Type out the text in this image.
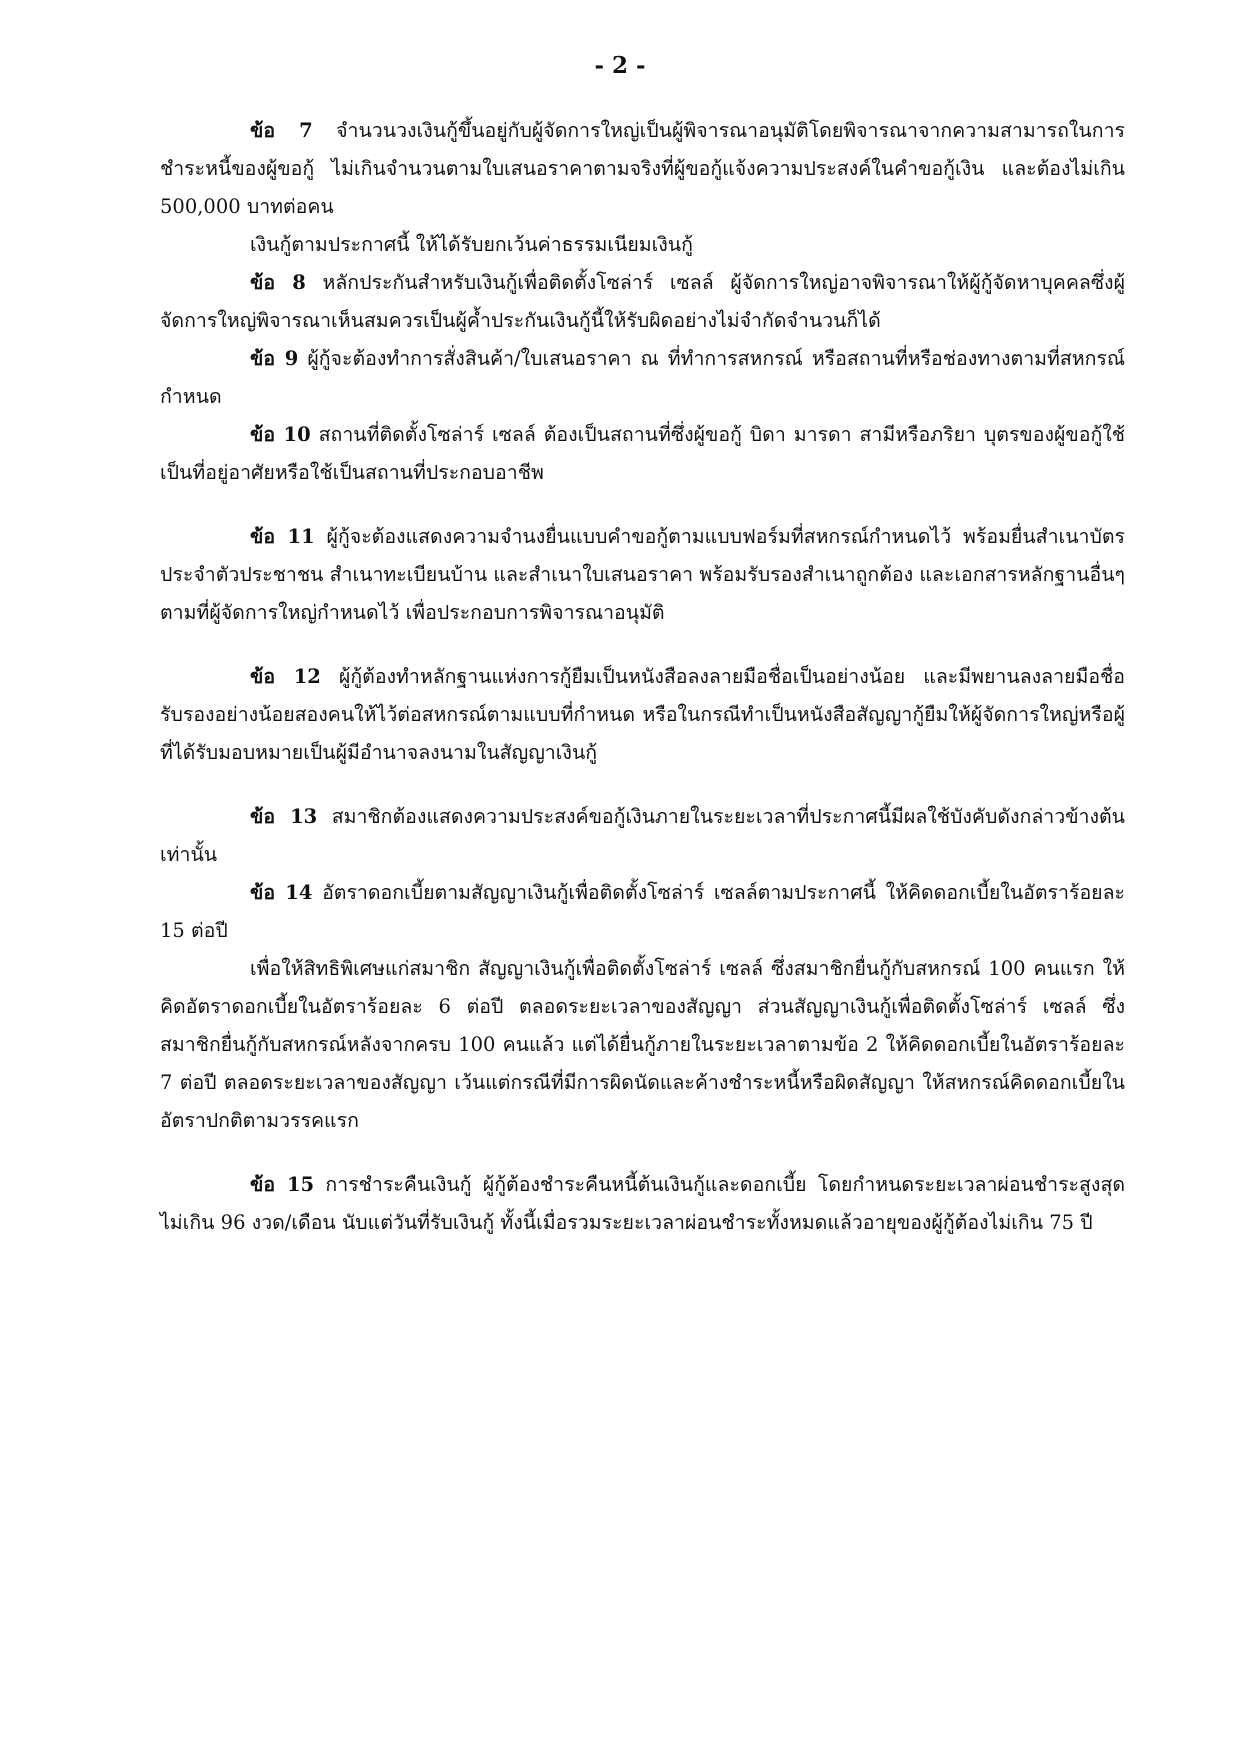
- 2 -

ข้อ 7 จำนวนวงเงินกู้ขึ้นอยู่กับผู้จัดการใหญ่เป็นผู้พิจารณาอนุมัติโดยพิจารณาจากความสามารถในการชำระหนี้ของผู้ขอกู้ ไม่เกินจำนวนตามใบเสนอราคาตามจริงที่ผู้ขอกู้แจ้งความประสงค์ในคำขอกู้เงิน และต้องไม่เกิน 500,000 บาทต่อคน

เงินกู้ตามประกาศนี้ ให้ได้รับยกเว้นค่าธรรมเนียมเงินกู้

ข้อ 8 หลักประกันสำหรับเงินกู้เพื่อติดตั้งโซล่าร์ เซลล์ ผู้จัดการใหญ่อาจพิจารณาให้ผู้กู้จัดหาบุคคลซึ่งผู้จัดการใหญ่พิจารณาเห็นสมควรเป็นผู้ค้ำประกันเงินกู้นี้ให้รับผิดอย่างไม่จำกัดจำนวนก็ได้

ข้อ 9 ผู้กู้จะต้องทำการสั่งสินค้า/ใบเสนอราคา ณ ที่ทำการสหกรณ์ หรือสถานที่หรือช่องทางตามที่สหกรณ์กำหนด

ข้อ 10 สถานที่ติดตั้งโซล่าร์ เซลล์ ต้องเป็นสถานที่ซึ่งผู้ขอกู้ บิดา มารดา สามีหรือภริยา บุตรของผู้ขอกู้ใช้เป็นที่อยู่อาศัยหรือใช้เป็นสถานที่ประกอบอาชีพ

ข้อ 11 ผู้กู้จะต้องแสดงความจำนงยื่นแบบคำขอกู้ตามแบบฟอร์มที่สหกรณ์กำหนดไว้ พร้อมยื่นสำเนาบัตรประจำตัวประชาชน สำเนาทะเบียนบ้าน และสำเนาใบเสนอราคา พร้อมรับรองสำเนาถูกต้อง และเอกสารหลักฐานอื่นๆ ตามที่ผู้จัดการใหญ่กำหนดไว้ เพื่อประกอบการพิจารณาอนุมัติ

ข้อ 12 ผู้กู้ต้องทำหลักฐานแห่งการกู้ยืมเป็นหนังสือลงลายมือชื่อเป็นอย่างน้อย และมีพยานลงลายมือชื่อรับรองอย่างน้อยสองคนให้ไว้ต่อสหกรณ์ตามแบบที่กำหนด หรือในกรณีทำเป็นหนังสือสัญญากู้ยืมให้ผู้จัดการใหญ่หรือผู้ที่ได้รับมอบหมายเป็นผู้มีอำนาจลงนามในสัญญาเงินกู้

ข้อ 13 สมาชิกต้องแสดงความประสงค์ขอกู้เงินภายในระยะเวลาที่ประกาศนี้มีผลใช้บังคับดังกล่าวข้างต้นเท่านั้น

ข้อ 14 อัตราดอกเบี้ยตามสัญญาเงินกู้เพื่อติดตั้งโซล่าร์ เซลล์ตามประกาศนี้ ให้คิดดอกเบี้ยในอัตราร้อยละ 15 ต่อปี

เพื่อให้สิทธิพิเศษแก่สมาชิก สัญญาเงินกู้เพื่อติดตั้งโซล่าร์ เซลล์ ซึ่งสมาชิกยื่นกู้กับสหกรณ์ 100 คนแรก ให้คิดอัตราดอกเบี้ยในอัตราร้อยละ 6 ต่อปี ตลอดระยะเวลาของสัญญา ส่วนสัญญาเงินกู้เพื่อติดตั้งโซล่าร์ เซลล์ ซึ่งสมาชิกยื่นกู้กับสหกรณ์หลังจากครบ 100 คนแล้ว แต่ได้ยื่นกู้ภายในระยะเวลาตามข้อ 2 ให้คิดดอกเบี้ยในอัตราร้อยละ 7 ต่อปี ตลอดระยะเวลาของสัญญา เว้นแต่กรณีที่มีการผิดนัดและค้างชำระหนี้หรือผิดสัญญา ให้สหกรณ์คิดดอกเบี้ยในอัตราปกติตามวรรคแรก

ข้อ 15 การชำระคืนเงินกู้ ผู้กู้ต้องชำระคืนหนี้ต้นเงินกู้และดอกเบี้ย โดยกำหนดระยะเวลาผ่อนชำระสูงสุดไม่เกิน 96 งวด/เดือน นับแต่วันที่รับเงินกู้ ทั้งนี้เมื่อรวมระยะเวลาผ่อนชำระทั้งหมดแล้วอายุของผู้กู้ต้องไม่เกิน 75 ปี
